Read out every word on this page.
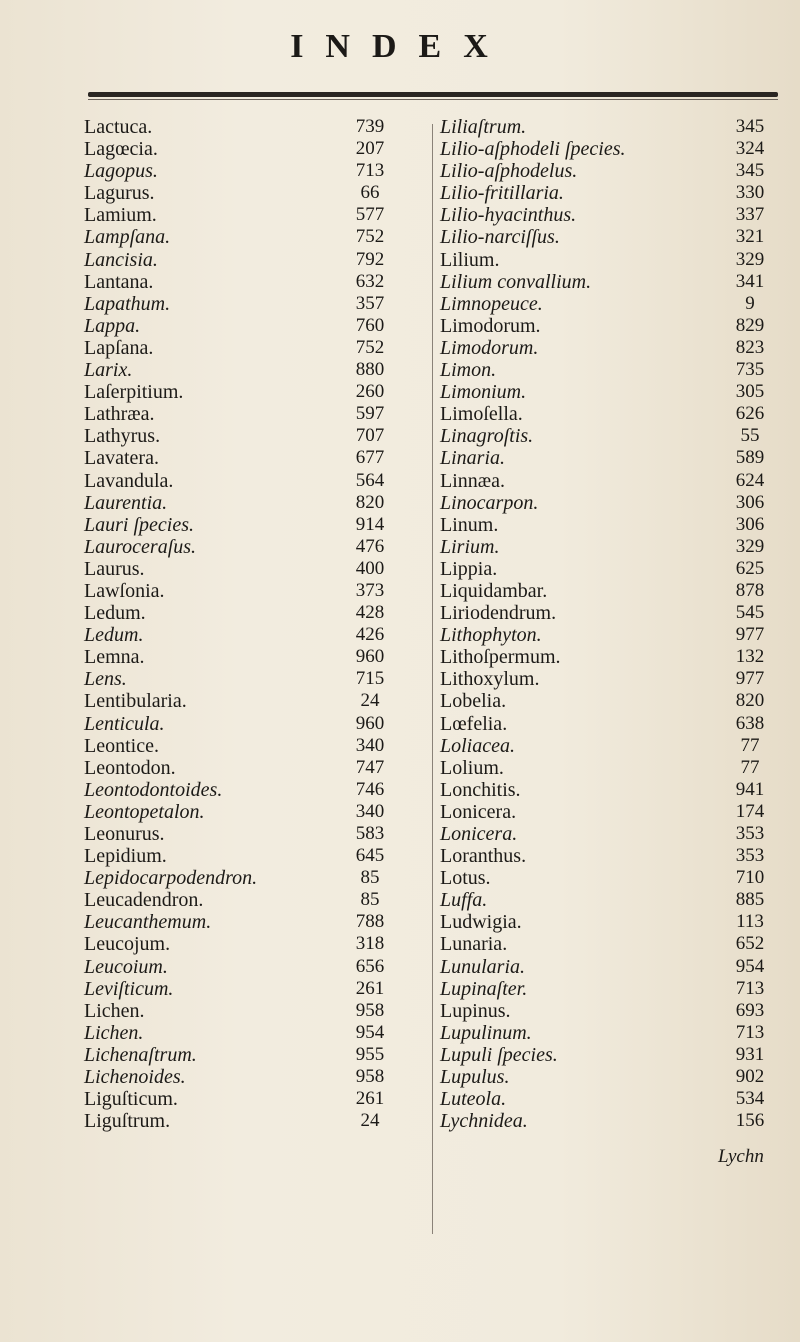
INDEX
Lactuca.	739
Lagœcia.	207
Lagopus.	713
Lagurus.	66
Lamium.	577
Lampſana.	752
Lancisia.	792
Lantana.	632
Lapathum.	357
Lappa.	760
Lapſana.	752
Larix.	880
Laſerpitium.	260
Lathræa.	597
Lathyrus.	707
Lavatera.	677
Lavandula.	564
Laurentia.	820
Lauri ſpecies.	914
Lauroceraſus.	476
Laurus.	400
Lawſonia.	373
Ledum.	428
Ledum.	426
Lemna.	960
Lens.	715
Lentibularia.	24
Lenticula.	960
Leontice.	340
Leontodon.	747
Leontodontoides.	746
Leontopetalon.	340
Leonurus.	583
Lepidium.	645
Lepidocarpodendron.	85
Leucadendron.	85
Leucanthemum.	788
Leucojum.	318
Leucoium.	656
Leviſticum.	261
Lichen.	958
Lichen.	954
Lichenaſtrum.	955
Lichenoides.	958
Liguſticum.	261
Liguſtrum.	24
Liliaſtrum.	345
Lilio-aſphodeli ſpecies.	324
Lilio-aſphodelus.	345
Lilio-fritillaria.	330
Lilio-hyacinthus.	337
Lilio-narciſſus.	321
Lilium.	329
Lilium convallium.	341
Limnopeuce.	9
Limodorum.	829
Limodorum.	823
Limon.	735
Limonium.	305
Limoſella.	626
Linagroſtis.	55
Linaria.	589
Linnæa.	624
Linocarpon.	306
Linum.	306
Lirium.	329
Lippia.	625
Liquidambar.	878
Liriodendrum.	545
Lithophyton.	977
Lithoſpermum.	132
Lithoxylum.	977
Lobelia.	820
Lœfelia.	638
Loliacea.	77
Lolium.	77
Lonchitis.	941
Lonicera.	174
Lonicera.	353
Loranthus.	353
Lotus.	710
Luffa.	885
Ludwigia.	113
Lunaria.	652
Lunularia.	954
Lupinaſter.	713
Lupinus.	693
Lupulinum.	713
Lupuli ſpecies.	931
Lupulus.	902
Luteola.	534
Lychnidea.	156
Lychn
